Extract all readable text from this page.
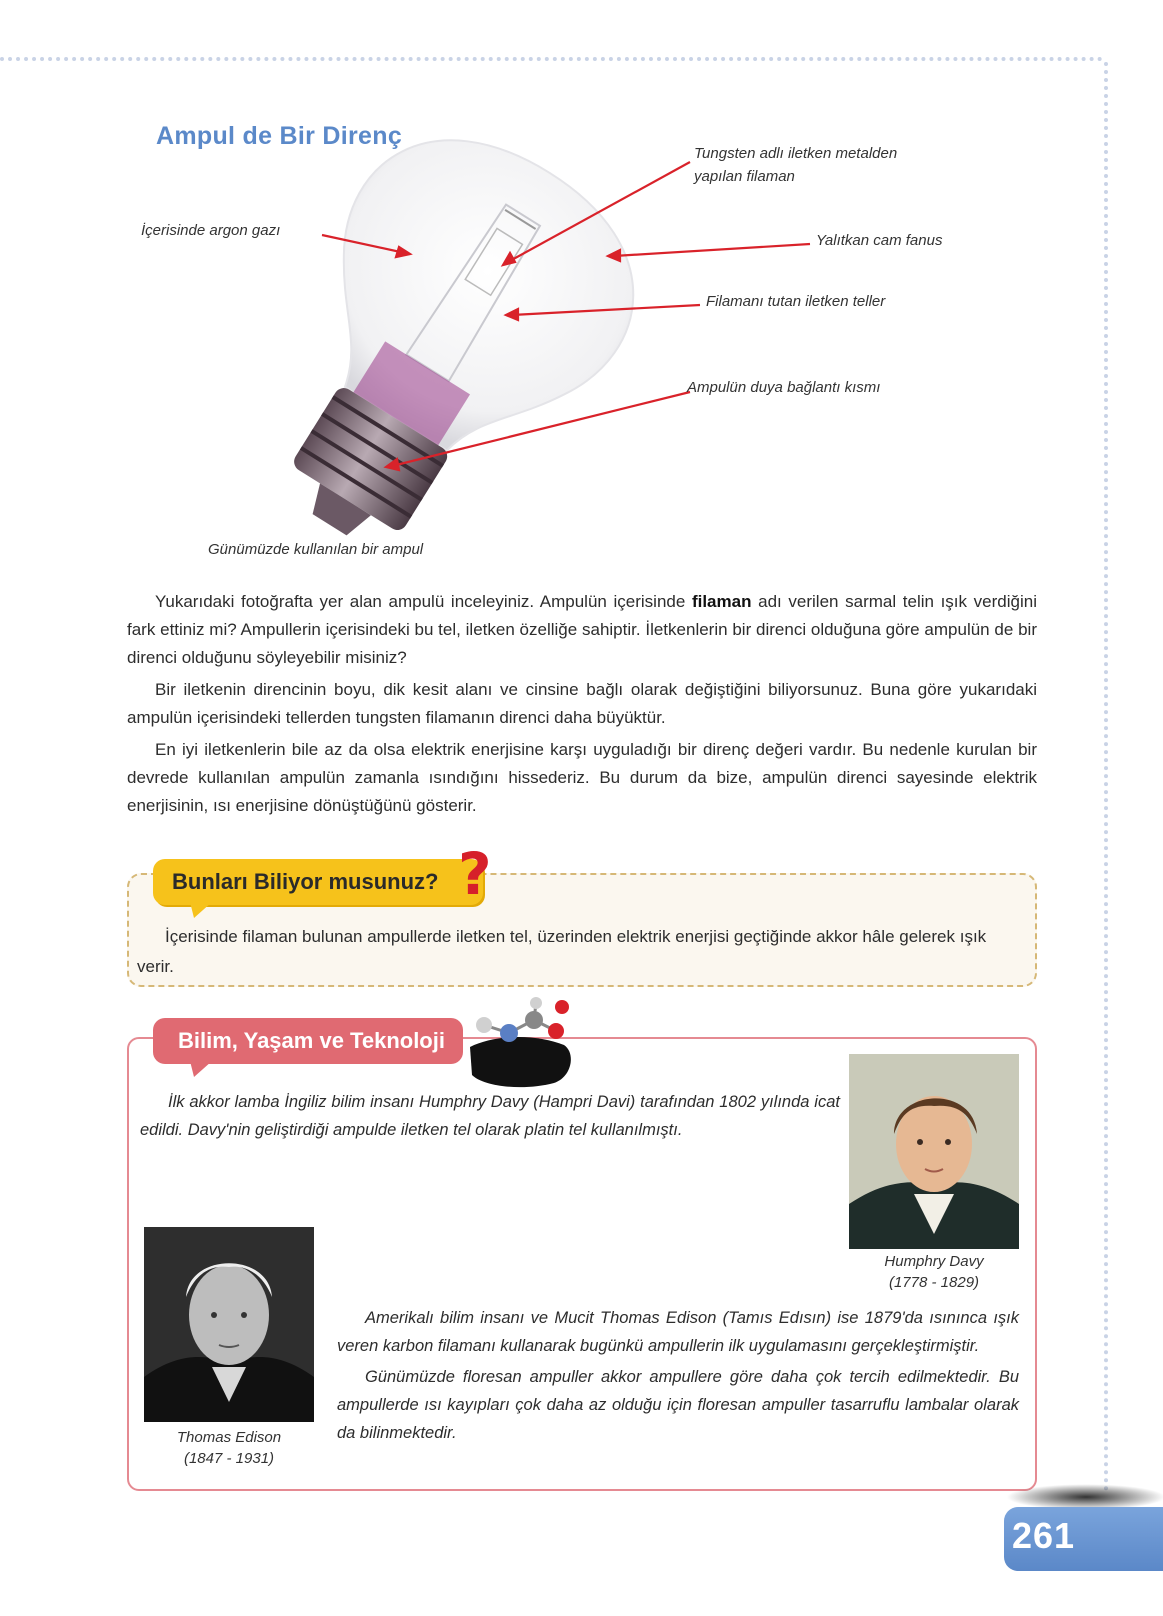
Ampul de Bir Direnç
İçerisinde argon gazı
Tungsten adlı iletken metalden
yapılan filaman
Yalıtkan cam fanus
Filamanı tutan iletken teller
Ampulün duya bağlantı kısmı
Günümüzde kullanılan bir ampul

Yukarıdaki fotoğrafta yer alan ampulü inceleyiniz. Ampulün içerisinde filaman adı verilen sarmal telin ışık verdiğini fark ettiniz mi? Ampullerin içerisindeki bu tel, iletken özelliğe sahiptir. İletkenlerin bir direnci olduğuna göre ampulün de bir direnci olduğunu söyleyebilir misiniz?

Bir iletkenin direncinin boyu, dik kesit alanı ve cinsine bağlı olarak değiştiğini biliyorsunuz. Buna göre yukarıdaki ampulün içerisindeki tellerden tungsten filamanın direnci daha büyüktür.

En iyi iletkenlerin bile az da olsa elektrik enerjisine karşı uyguladığı bir direnç değeri vardır. Bu nedenle kurulan bir devrede kullanılan ampulün zamanla ısındığını hissederiz. Bu durum da bize, ampulün direnci sayesinde elektrik enerjisinin, ısı enerjisine dönüştüğünü gösterir.

Bunları Biliyor musunuz? ?
İçerisinde filaman bulunan ampullerde iletken tel, üzerinden elektrik enerjisi geçtiğinde akkor hâle gelerek ışık verir.
Bilim, Yaşam ve Teknoloji

İlk akkor lamba İngiliz bilim insanı Humphry Davy (Hampri Davi) tarafından 1802 yılında icat edildi. Davy'nin geliştirdiği ampulde iletken tel olarak platin tel kullanılmıştı.

Humphry Davy
(1778 - 1829)
Thomas Edison
(1847 - 1931)

Amerikalı bilim insanı ve Mucit Thomas Edison (Tamıs Edısın) ise 1879'da ısınınca ışık veren karbon filamanı kullanarak bugünkü ampullerin ilk uygulamasını gerçekleştirmiştir.

Günümüzde floresan ampuller akkor ampullere göre daha çok tercih edilmektedir. Bu ampullerde ısı kayıpları çok daha az olduğu için floresan ampuller tasarruflu lambalar olarak da bilinmektedir.

261
